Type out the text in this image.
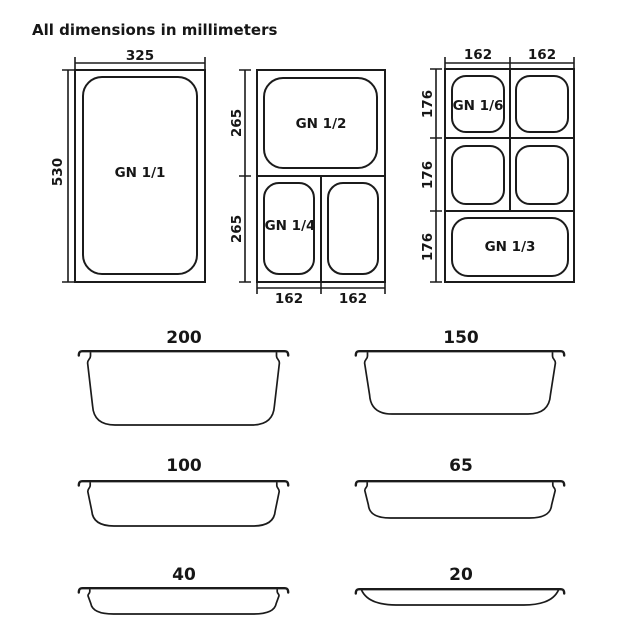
All dimensions in millimeters
325
530	GN 1/1
265
265
GN 1/2
GN 1/4
162	162
162	162
176
176
176
GN 1/6
GN 1/3
200	150
100	65
40	20
